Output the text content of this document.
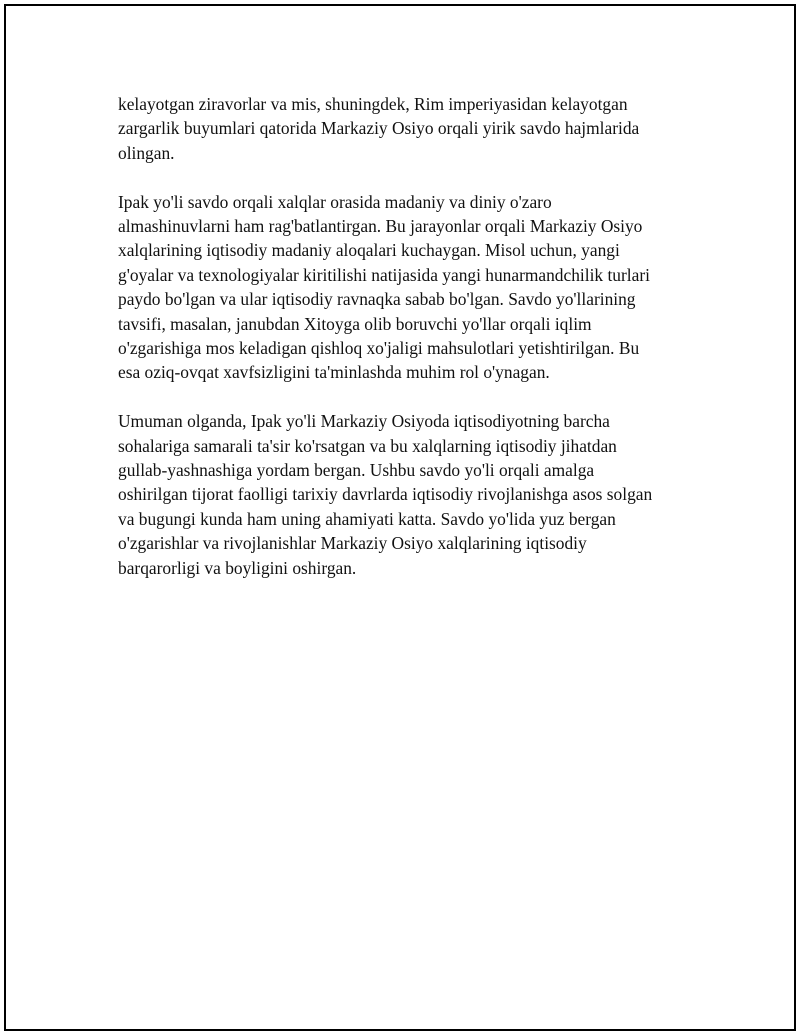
kelayotgan ziravorlar va mis, shuningdek, Rim imperiyasidan kelayotgan
zargarlik buyumlari qatorida Markaziy Osiyo orqali yirik savdo hajmlarida
olingan.

Ipak yo'li savdo orqali xalqlar orasida madaniy va diniy o'zaro
almashinuvlarni ham rag'batlantirgan. Bu jarayonlar orqali Markaziy Osiyo
xalqlarining iqtisodiy madaniy aloqalari kuchaygan. Misol uchun, yangi
g'oyalar va texnologiyalar kiritilishi natijasida yangi hunarmandchilik turlari
paydo bo'lgan va ular iqtisodiy ravnaqka sabab bo'lgan. Savdo yo'llarining
tavsifi, masalan, janubdan Xitoyga olib boruvchi yo'llar orqali iqlim
o'zgarishiga mos keladigan qishloq xo'jaligi mahsulotlari yetishtirilgan. Bu
esa oziq-ovqat xavfsizligini ta'minlashda muhim rol o'ynagan.

Umuman olganda, Ipak yo'li Markaziy Osiyoda iqtisodiyotning barcha
sohalariga samarali ta'sir ko'rsatgan va bu xalqlarning iqtisodiy jihatdan
gullab-yashnashiga yordam bergan. Ushbu savdo yo'li orqali amalga
oshirilgan tijorat faolligi tarixiy davrlarda iqtisodiy rivojlanishga asos solgan
va bugungi kunda ham uning ahamiyati katta. Savdo yo'lida yuz bergan
o'zgarishlar va rivojlanishlar Markaziy Osiyo xalqlarining iqtisodiy
barqarorligi va boyligini oshirgan.
